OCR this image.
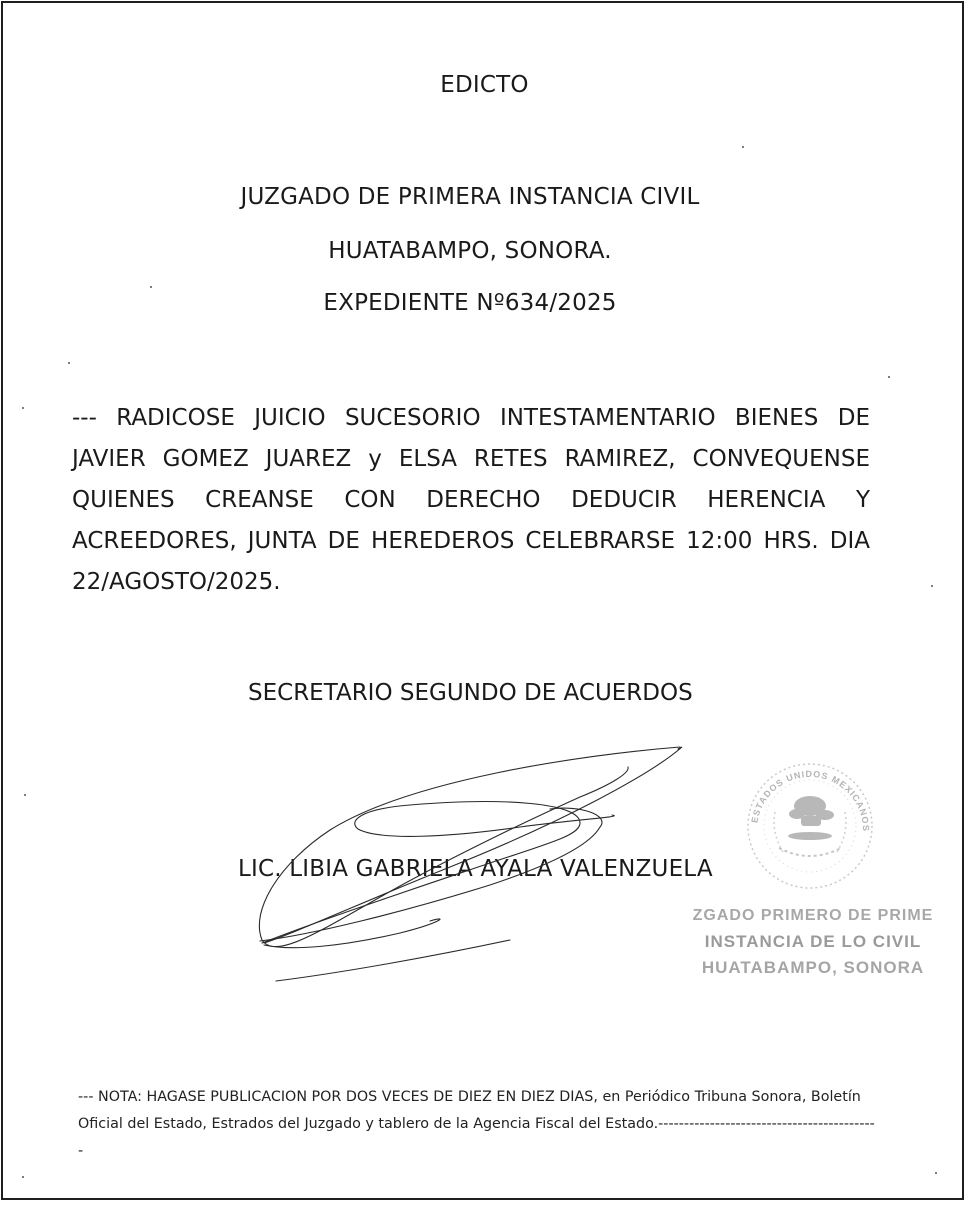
EDICTO
JUZGADO DE PRIMERA INSTANCIA CIVIL
HUATABAMPO, SONORA.
EXPEDIENTE Nº634/2025
--- RADICOSE JUICIO SUCESORIO INTESTAMENTARIO BIENES DE JAVIER GOMEZ JUAREZ y ELSA RETES RAMIREZ, CONVEQUENSE QUIENES CREANSE CON DERECHO DEDUCIR HERENCIA Y ACREEDORES, JUNTA DE HEREDEROS CELEBRARSE 12:00 HRS. DIA 22/AGOSTO/2025.
SECRETARIO SEGUNDO DE ACUERDOS
ESTADOS UNIDOS MEXICANOS
LIC. LIBIA GABRIELA AYALA VALENZUELA
ZGADO PRIMERO DE PRIME
INSTANCIA DE LO CIVIL
HUATABAMPO, SONORA
--- NOTA: HAGASE PUBLICACION POR DOS VECES DE DIEZ EN DIEZ DIAS, en Periódico Tribuna Sonora, Boletín Oficial del Estado, Estrados del Juzgado y tablero de la Agencia Fiscal del Estado.-------------------------------------------
